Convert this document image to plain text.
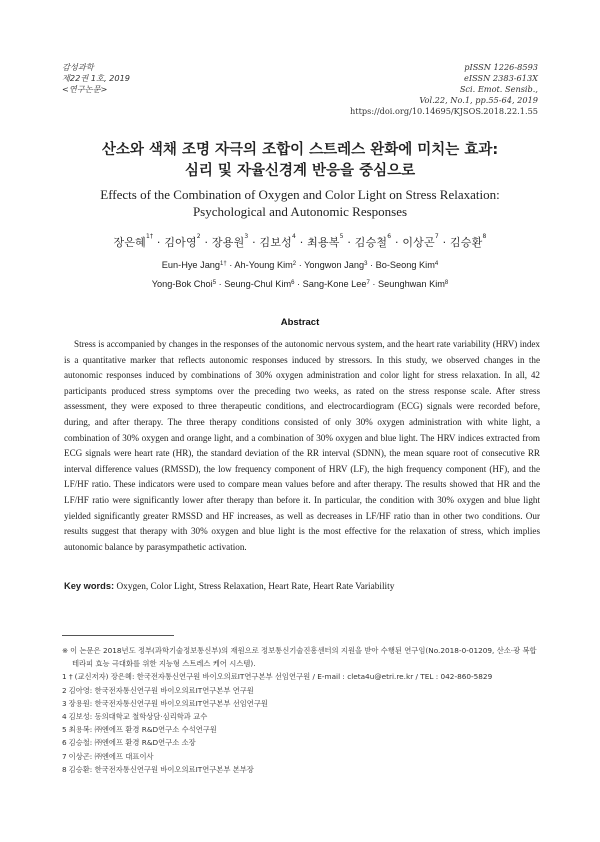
감성과학
제22권 1호, 2019
<연구논문>
pISSN 1226-8593
eISSN 2383-613X
Sci. Emot. Sensib.,
Vol.22, No.1, pp.55-64, 2019
https://doi.org/10.14695/KJSOS.2018.22.1.55
산소와 색채 조명 자극의 조합이 스트레스 완화에 미치는 효과:
심리 및 자율신경계 반응을 중심으로
Effects of the Combination of Oxygen and Color Light on Stress Relaxation:
Psychological and Autonomic Responses
장은혜$^{1\dagger}$ · 김아영$^2$ · 장용원$^3$ · 김보성$^4$ · 최용복$^5$ · 김승철$^6$ · 이상곤$^7$ · 김승환$^8$
Eun-Hye Jang$^{1\dagger}$ · Ah-Young Kim$^2$ · Yongwon Jang$^3$ · Bo-Seong Kim$^4$
Yong-Bok Choi$^5$ · Seung-Chul Kim$^6$ · Sang-Kone Lee$^7$ · Seunghwan Kim$^8$
Abstract

Stress is accompanied by changes in the responses of the autonomic nervous system, and the heart rate variability (HRV) index is a quantitative marker that reflects autonomic responses induced by stressors. In this study, we observed changes in the autonomic responses induced by combinations of 30% oxygen administration and color light for stress relaxation. In all, 42 participants produced stress symptoms over the preceding two weeks, as rated on the stress response scale. After stress assessment, they were exposed to three therapeutic conditions, and electrocardiogram (ECG) signals were recorded before, during, and after therapy. The three therapy conditions consisted of only 30% oxygen administration with white light, a combination of 30% oxygen and orange light, and a combination of 30% oxygen and blue light. The HRV indices extracted from ECG signals were heart rate (HR), the standard deviation of the RR interval (SDNN), the mean square root of consecutive RR interval difference values (RMSSD), the low frequency component of HRV (LF), the high frequency component (HF), and the LF/HF ratio. These indicators were used to compare mean values before and after therapy. The results showed that HR and the LF/HF ratio were significantly lower after therapy than before it. In particular, the condition with 30% oxygen and blue light yielded significantly greater RMSSD and HF increases, as well as decreases in LF/HF ratio than in other two conditions. Our results suggest that therapy with 30% oxygen and blue light is the most effective for the relaxation of stress, which implies autonomic balance by parasympathetic activation.

Key words: Oxygen, Color Light, Stress Relaxation, Heart Rate, Heart Rate Variability
※ 이 논문은 2018년도 정부(과학기술정보통신부)의 재원으로 정보통신기술진흥센터의 지원을 받아 수행된 연구임(No.2018-0-01209, 산소·광 복합 테라피 효능 극대화를 위한 지능형 스트레스 케어 시스템).
1 † (교신저자) 장은혜: 한국전자통신연구원 바이오의료IT연구본부 선임연구원 / E-mail : cleta4u@etri.re.kr / TEL : 042-860-5829
2 김아영: 한국전자통신연구원 바이오의료IT연구본부 연구원
3 장용원: 한국전자통신연구원 바이오의료IT연구본부 선임연구원
4 김보성: 동의대학교 철학상담·심리학과 교수
5 최용복: ㈜엔에프 환경 R&D연구소 수석연구원
6 김승철: ㈜엔에프 환경 R&D연구소 소장
7 이상곤: ㈜엔에프 대표이사
8 김승환: 한국전자통신연구원 바이오의료IT연구본부 본부장
